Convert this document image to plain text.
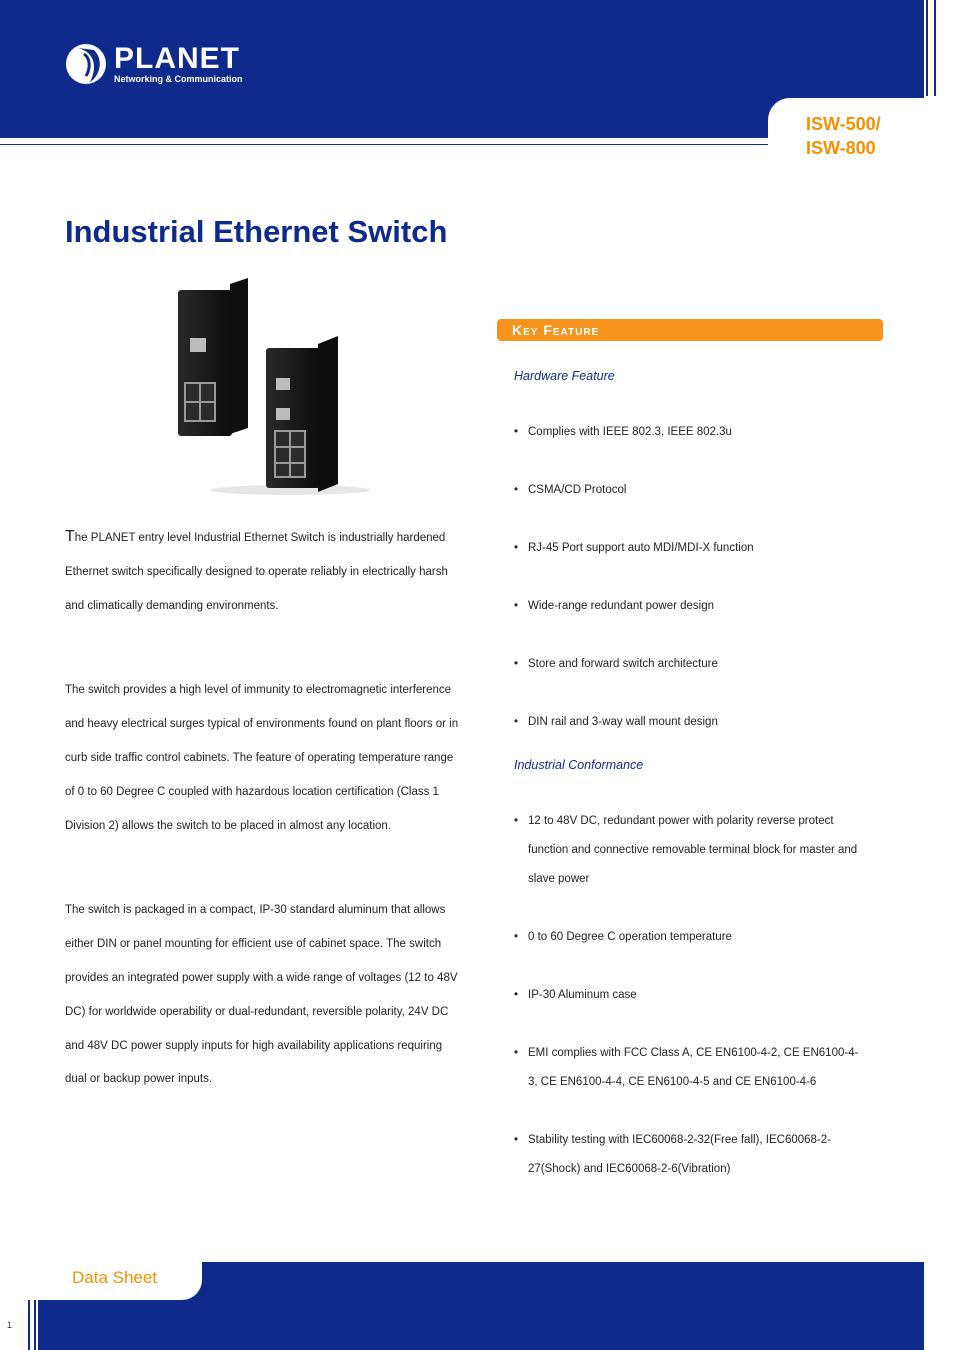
PLANET
Networking & Communication
ISW-500/
ISW-800
Industrial Ethernet Switch

The PLANET entry level Industrial Ethernet Switch is industrially hardened Ethernet switch specifically designed to operate reliably in electrically harsh and climatically demanding environments.

The switch provides a high level of immunity to electromagnetic interference and heavy electrical surges typical of environments found on plant floors or in curb side traffic control cabinets. The feature of operating temperature range of 0 to 60 Degree C coupled with hazardous location certification (Class 1 Division 2) allows the switch to be placed in almost any location.

The switch is packaged in a compact, IP-30 standard aluminum that allows either DIN or panel mounting for efficient use of cabinet space. The switch provides an integrated power supply with a wide range of voltages (12 to 48V DC) for worldwide operability or dual-redundant, reversible polarity, 24V DC and 48V DC power supply inputs for high availability applications requiring dual or backup power inputs.

Key Feature
Hardware Feature
• Complies with IEEE 802.3, IEEE 802.3u
• CSMA/CD Protocol
• RJ-45 Port support auto MDI/MDI-X function
• Wide-range redundant power design
• Store and forward switch architecture
• DIN rail and 3-way wall mount design
Industrial Conformance
• 12 to 48V DC, redundant power with polarity reverse protect function and connective removable terminal block for master and slave power
• 0 to 60 Degree C operation temperature
• IP-30 Aluminum case
• EMI complies with FCC Class A, CE EN6100-4-2, CE EN6100-4-3, CE EN6100-4-4, CE EN6100-4-5 and CE EN6100-4-6
• Stability testing with IEC60068-2-32(Free fall), IEC60068-2-27(Shock) and IEC60068-2-6(Vibration)
Data Sheet
1
